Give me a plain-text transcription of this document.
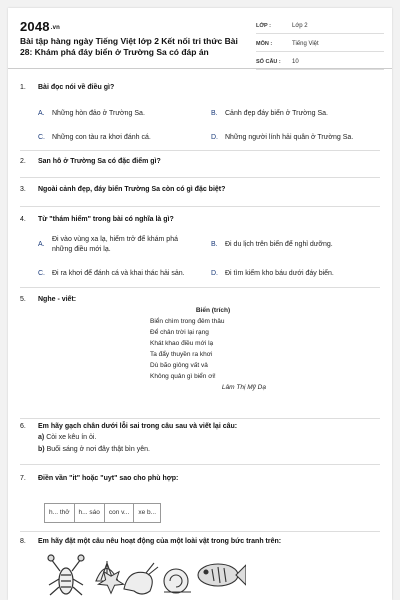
2048.vn
Bài tập hàng ngày Tiếng Việt lớp 2 Kết nối tri thức Bài 28: Khám phá đáy biển ở Trường Sa có đáp án
LỚP :	Lớp 2
MÔN :	Tiếng Việt
SỐ CÂU : 10
1. Bài đọc nói về điều gì?
A. Những hòn đảo ở Trường Sa.	B. Cảnh đẹp đáy biển ở Trường Sa.
C. Những con tàu ra khơi đánh cá.	D. Những người lính hải quân ở Trường Sa.
2. San hô ở Trường Sa có đặc điểm gì?
3. Ngoài cảnh đẹp, đáy biển Trường Sa còn có gì đặc biệt?
4. Từ "thám hiểm" trong bài có nghĩa là gì?
A.
Đi vào vùng xa lạ, hiểm trở để khám phá
những điều mới lạ.
B. Đi du lịch trên biển để nghỉ dưỡng.
C. Đi ra khơi để đánh cá và khai thác hải sản.	D. Đi tìm kiếm kho báu dưới đáy biển.
5. Nghe - viết:
Biển (trích)
Biển chìm trong đêm thâu
Để chân trời lại rạng
Khát khao điều mới lạ
Ta đẩy thuyền ra khơi
Dù bão giông vất vả
Không quản gì biển ơi!
Lâm Thị Mỹ Dạ
6. Em hãy gạch chân dưới lỗi sai trong câu sau và viết lại câu:
a) Còi xe kêu ín ỏi.
b) Buổi sáng ở nơi đây thật bìn yên.
7. Điền vần "it" hoặc "uyt" sao cho phù hợp:
h... thở	h... sáo	con v...	xe b...
8. Em hãy đặt một câu nêu hoạt động của một loài vật trong bức tranh trên:
